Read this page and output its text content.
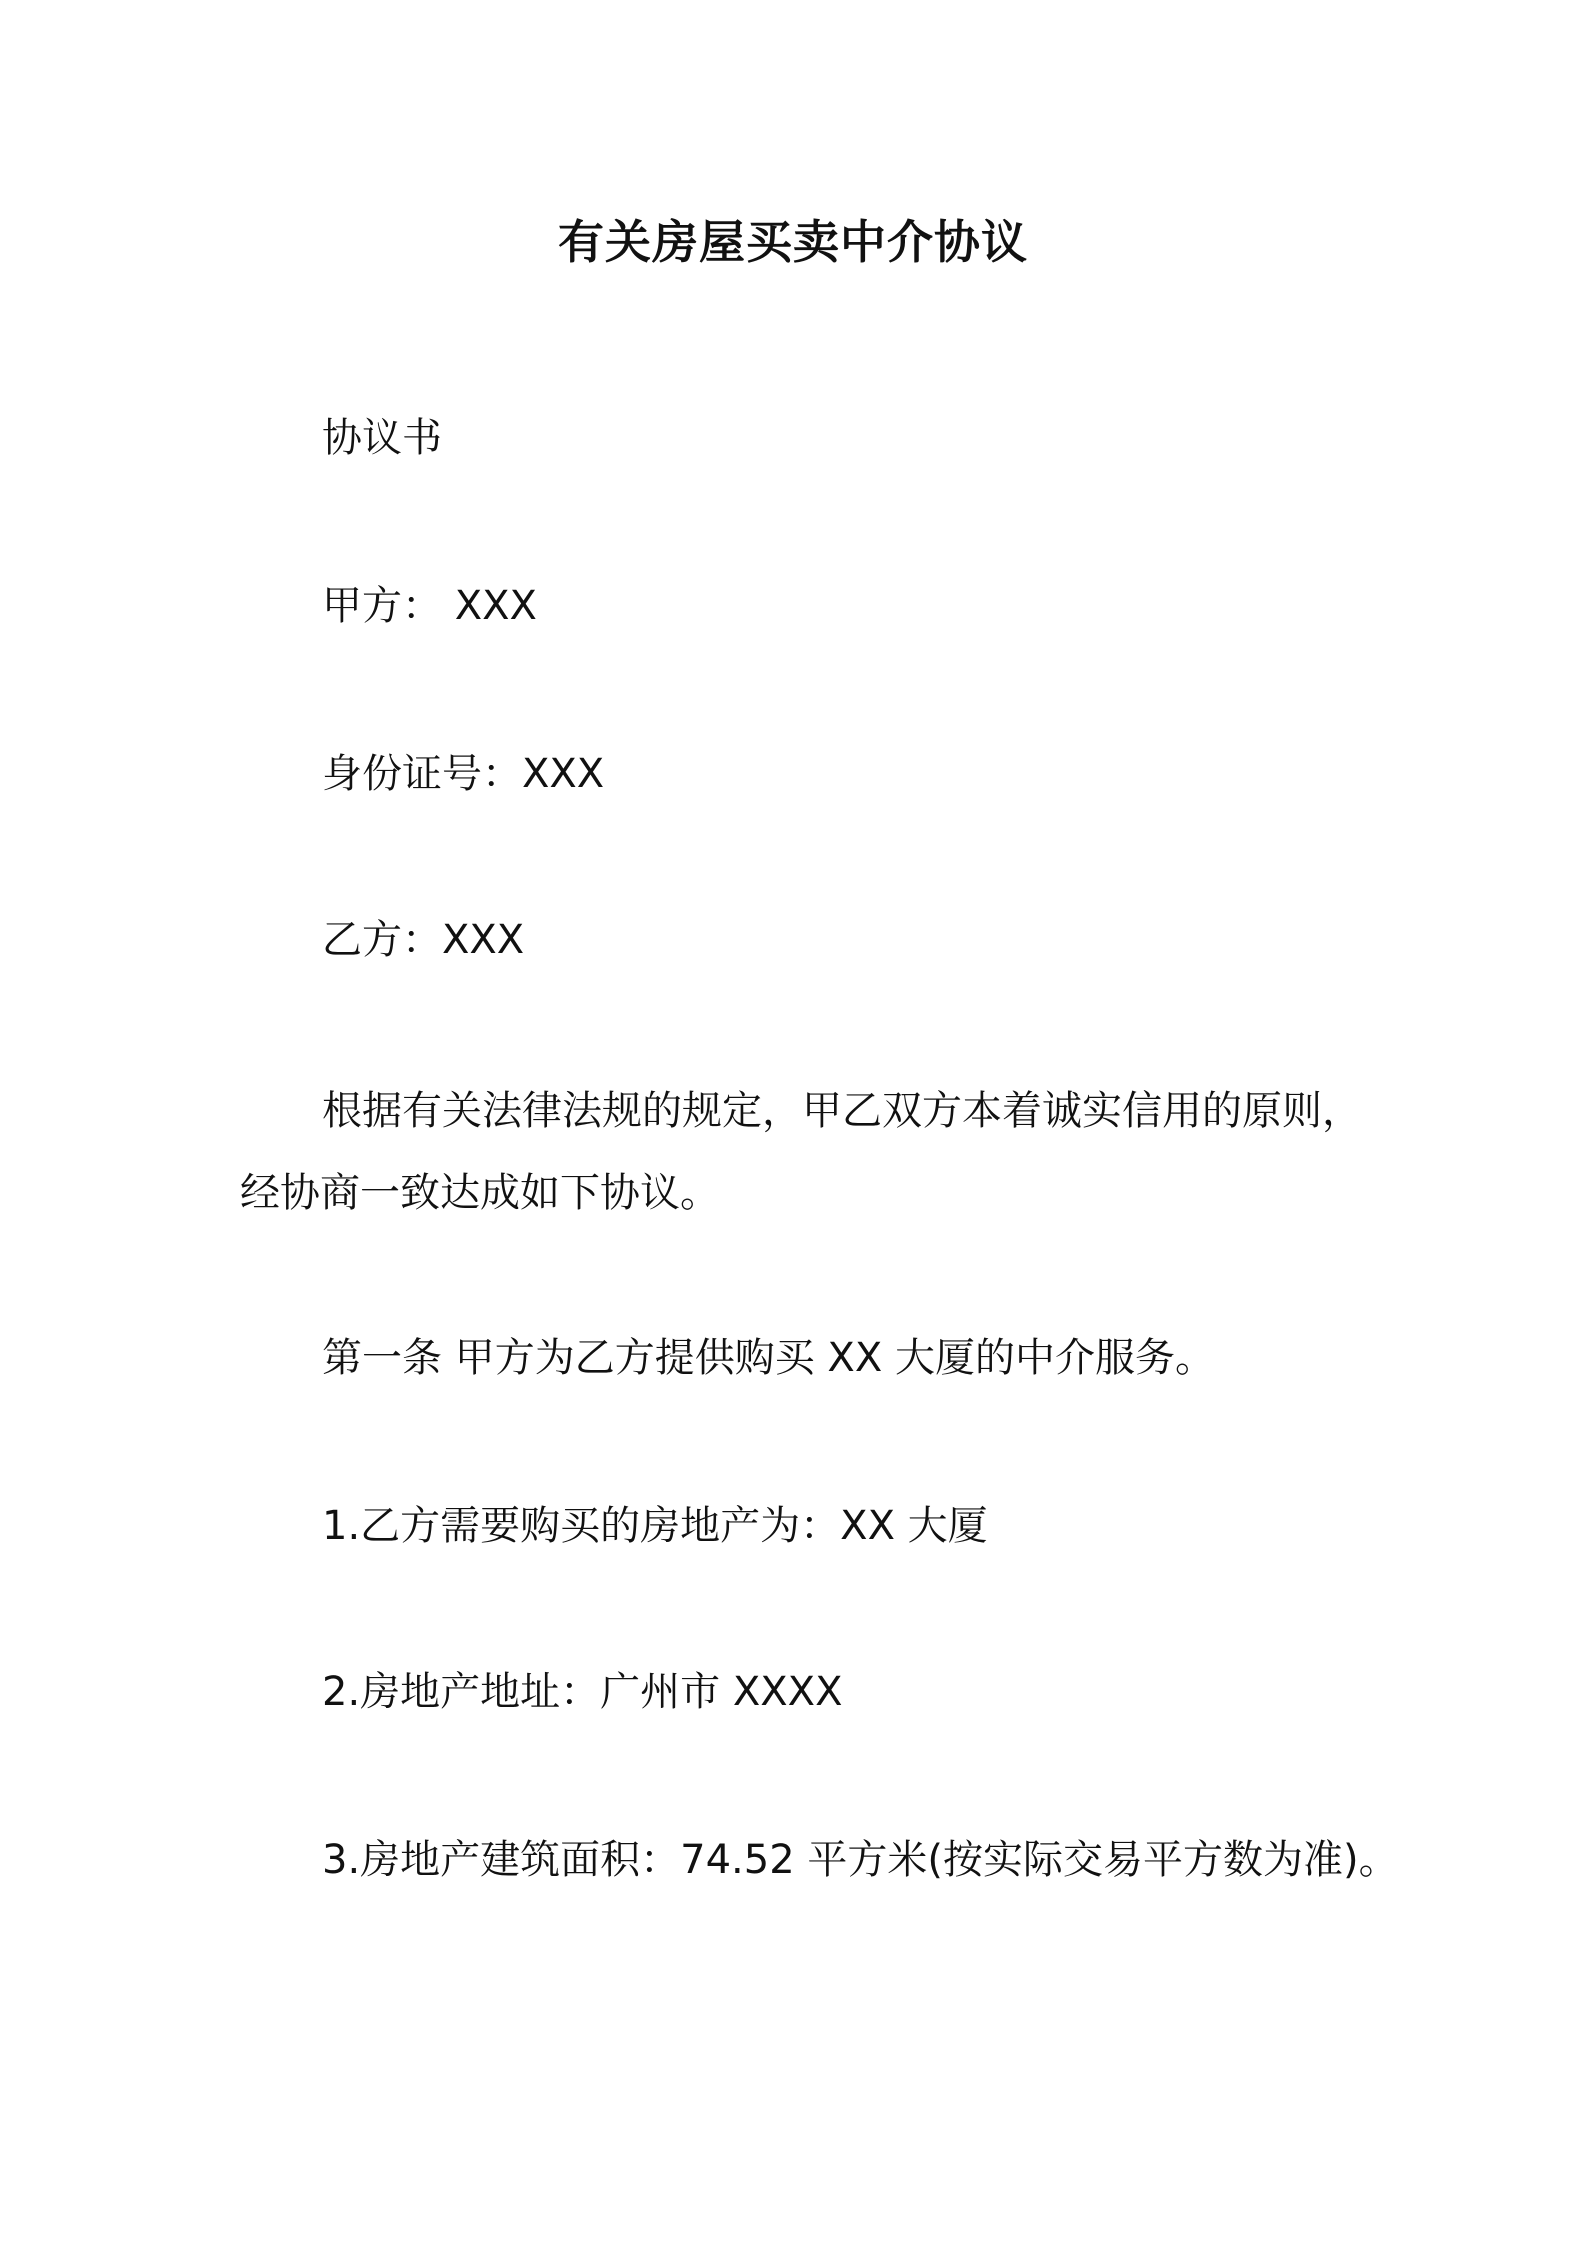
有关房屋买卖中介协议
协议书
甲方： XXX
身份证号：XXX
乙方：XXX
根据有关法律法规的规定，甲乙双方本着诚实信用的原则，
经协商一致达成如下协议。
第一条 甲方为乙方提供购买 XX 大厦的中介服务。
1.乙方需要购买的房地产为：XX 大厦
2.房地产地址：广州市 XXXX
3.房地产建筑面积：74.52 平方米(按实际交易平方数为准)。
